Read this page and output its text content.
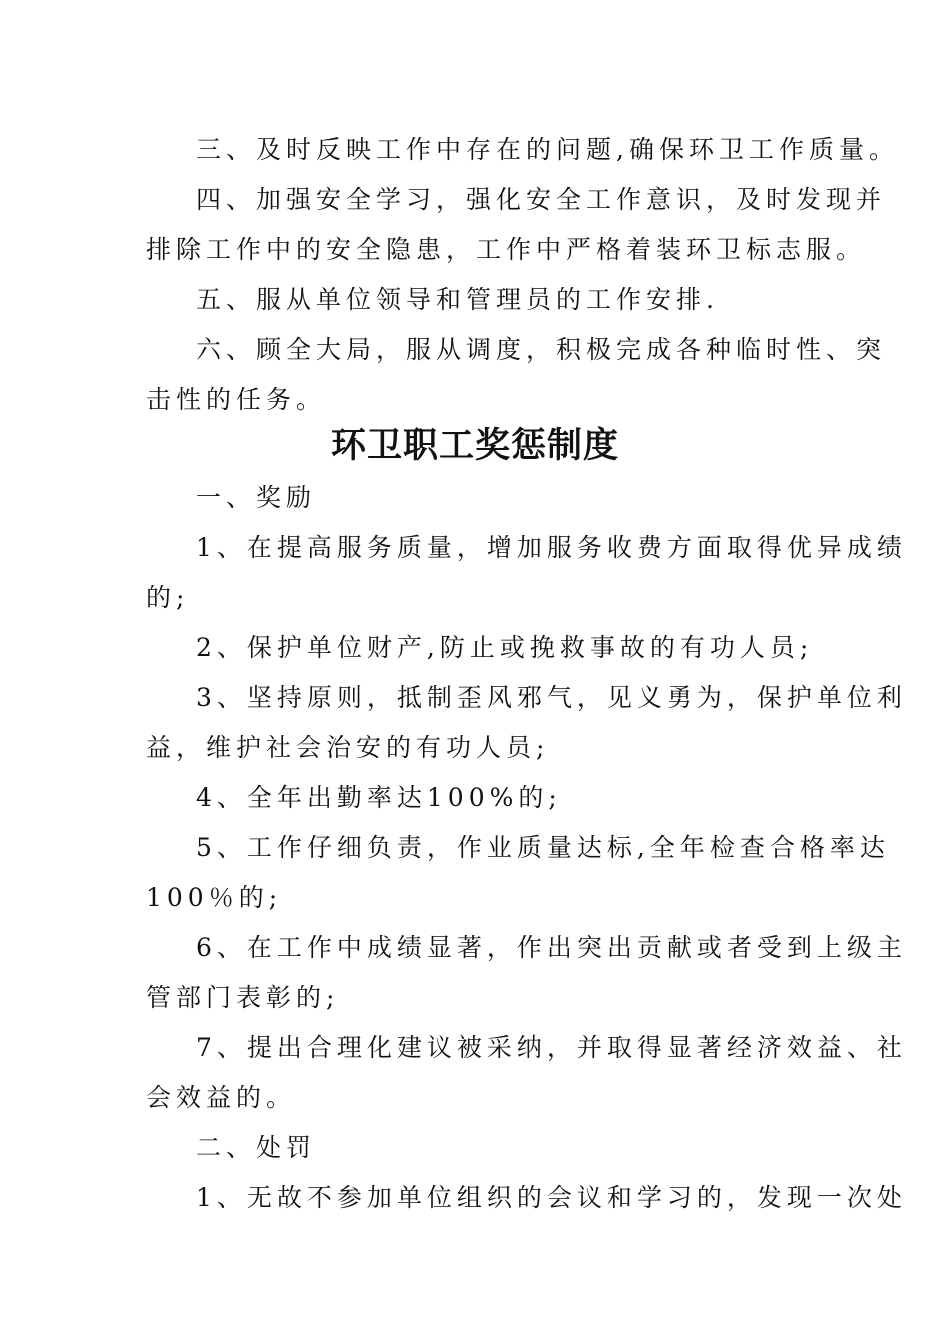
三、及时反映工作中存在的问题,确保环卫工作质量。
四、加强安全学习，强化安全工作意识，及时发现并
排除工作中的安全隐患，工作中严格着装环卫标志服。
五、服从单位领导和管理员的工作安排.
六、顾全大局，服从调度，积极完成各种临时性、突
击性的任务。
环卫职工奖惩制度
一、奖励
1、在提高服务质量，增加服务收费方面取得优异成绩
的;
2、保护单位财产,防止或挽救事故的有功人员;
3、坚持原则，抵制歪风邪气，见义勇为，保护单位利
益，维护社会治安的有功人员;
4、全年出勤率达100%的;
5、工作仔细负责，作业质量达标,全年检查合格率达
100％的;
6、在工作中成绩显著，作出突出贡献或者受到上级主
管部门表彰的;
7、提出合理化建议被采纳，并取得显著经济效益、社
会效益的。
二、处罚
1、无故不参加单位组织的会议和学习的，发现一次处
